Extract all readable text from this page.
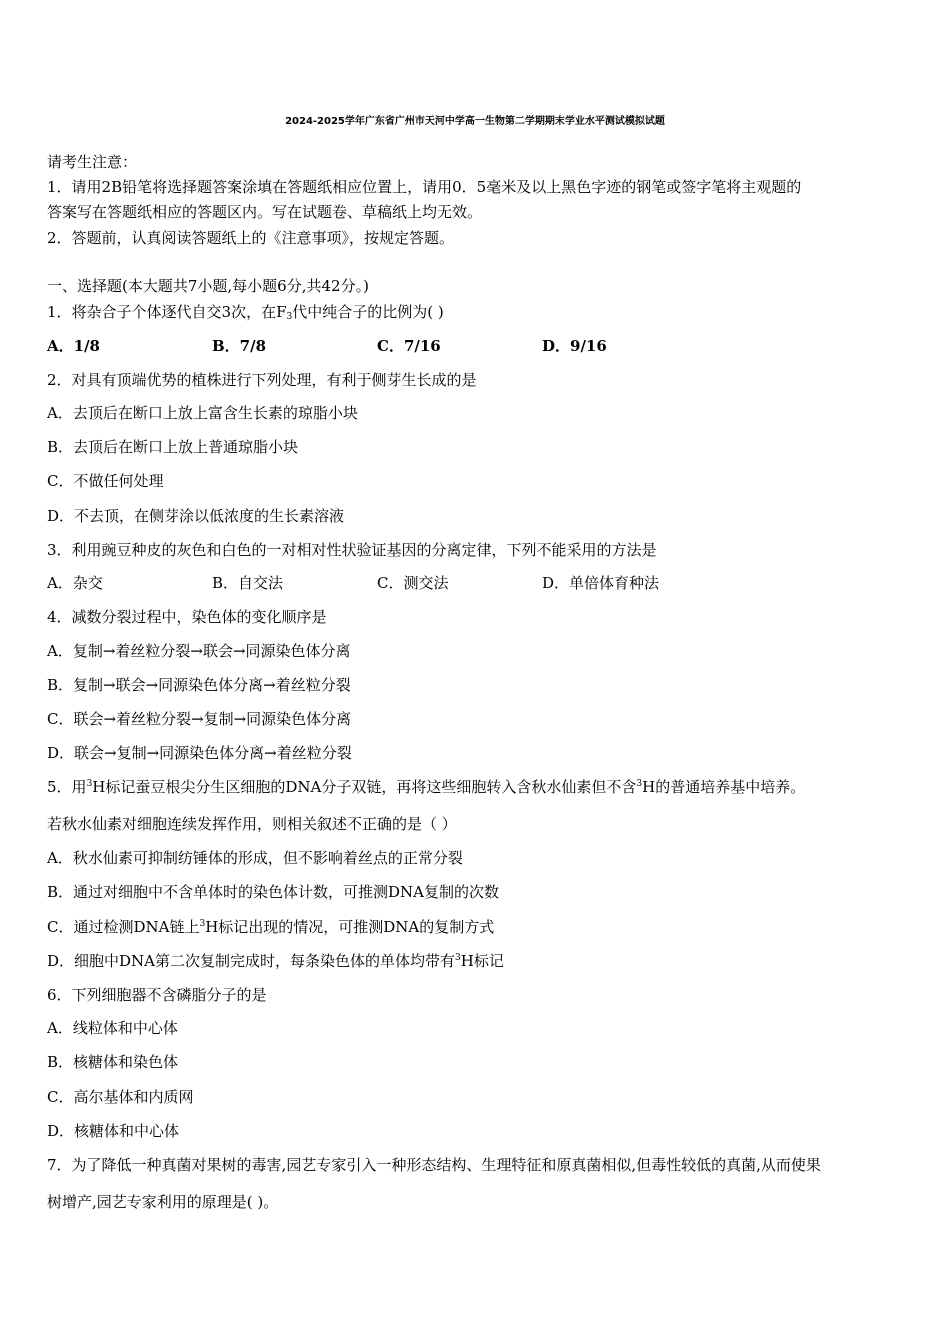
2024-2025学年广东省广州市天河中学高一生物第二学期期末学业水平测试模拟试题
请考生注意：
1．请用2B铅笔将选择题答案涂填在答题纸相应位置上，请用0．5毫米及以上黑色字迹的钢笔或签字笔将主观题的
答案写在答题纸相应的答题区内。写在试题卷、草稿纸上均无效。
2．答题前，认真阅读答题纸上的《注意事项》，按规定答题。
一、选择题(本大题共7小题,每小题6分,共42分。)
1．将杂合子个体逐代自交3次，在$F_3$代中纯合子的比例为( )
A．1/8	B．7/8	C．7/16	D．9/16
2．对具有顶端优势的植株进行下列处理，有利于侧芽生长成的是
A．去顶后在断口上放上富含生长素的琼脂小块
B．去顶后在断口上放上普通琼脂小块
C．不做任何处理
D．不去顶，在侧芽涂以低浓度的生长素溶液
3．利用豌豆种皮的灰色和白色的一对相对性状验证基因的分离定律，下列不能采用的方法是
A．杂交	B．自交法	C．测交法	D．单倍体育种法
4．减数分裂过程中，染色体的变化顺序是
A．复制→着丝粒分裂→联会→同源染色体分离
B．复制→联会→同源染色体分离→着丝粒分裂
C．联会→着丝粒分裂→复制→同源染色体分离
D．联会→复制→同源染色体分离→着丝粒分裂
5．用$^3$H标记蚕豆根尖分生区细胞的DNA分子双链，再将这些细胞转入含秋水仙素但不含$^3$H的普通培养基中培养。
若秋水仙素对细胞连续发挥作用，则相关叙述不正确的是（ ）
A．秋水仙素可抑制纺锤体的形成，但不影响着丝点的正常分裂
B．通过对细胞中不含单体时的染色体计数，可推测DNA复制的次数
C．通过检测DNA链上$^3$H标记出现的情况，可推测DNA的复制方式
D．细胞中DNA第二次复制完成时，每条染色体的单体均带有$^3$H标记
6．下列细胞器不含磷脂分子的是
A．线粒体和中心体
B．核糖体和染色体
C．高尔基体和内质网
D．核糖体和中心体
7．为了降低一种真菌对果树的毒害,园艺专家引入一种形态结构、生理特征和原真菌相似,但毒性较低的真菌,从而使果
树增产,园艺专家利用的原理是( )。
